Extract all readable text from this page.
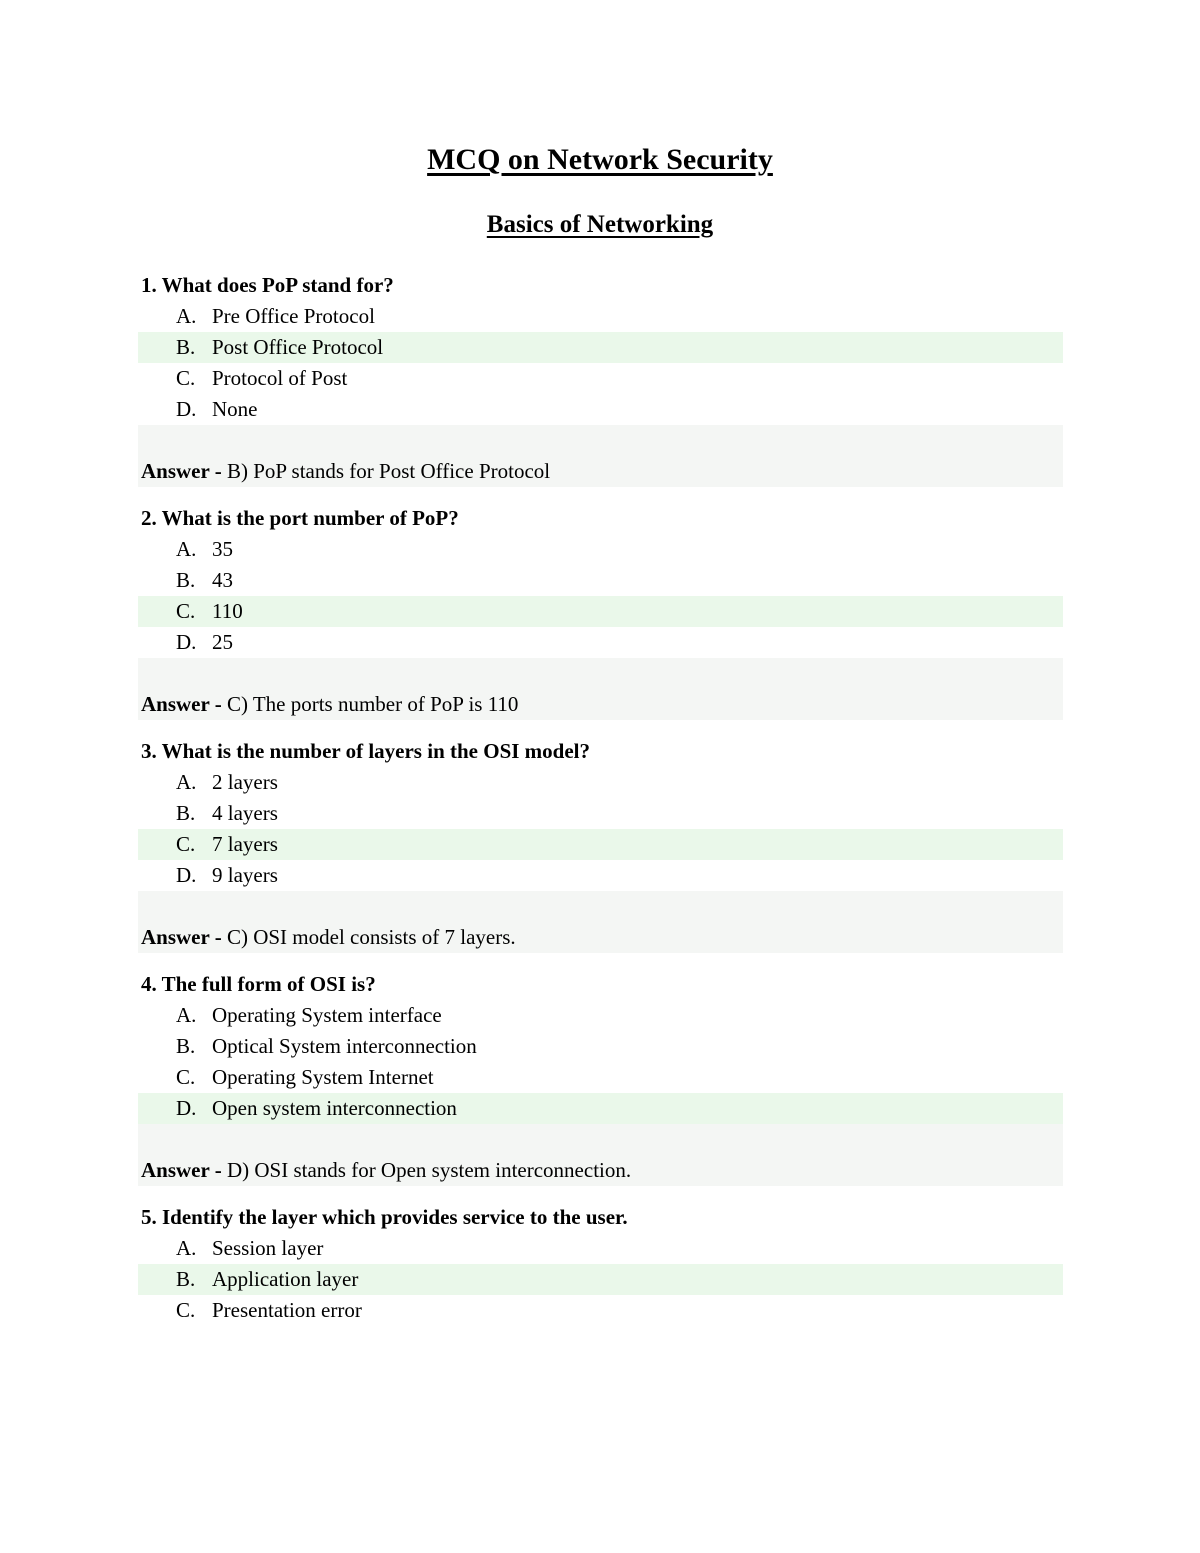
MCQ on Network Security
Basics of Networking

1. What does PoP stand for?

A. Pre Office Protocol
B. Post Office Protocol
C. Protocol of Post
D. None
Answer - B) PoP stands for Post Office Protocol

2. What is the port number of PoP?

A. 35
B. 43
C. 110
D. 25
Answer - C) The ports number of PoP is 110

3. What is the number of layers in the OSI model?

A. 2 layers
B. 4 layers
C. 7 layers
D. 9 layers
Answer - C) OSI model consists of 7 layers.

4. The full form of OSI is?

A. Operating System interface
B. Optical System interconnection
C. Operating System Internet
D. Open system interconnection
Answer - D) OSI stands for Open system interconnection.

5. Identify the layer which provides service to the user.

A. Session layer
B. Application layer
C. Presentation error
